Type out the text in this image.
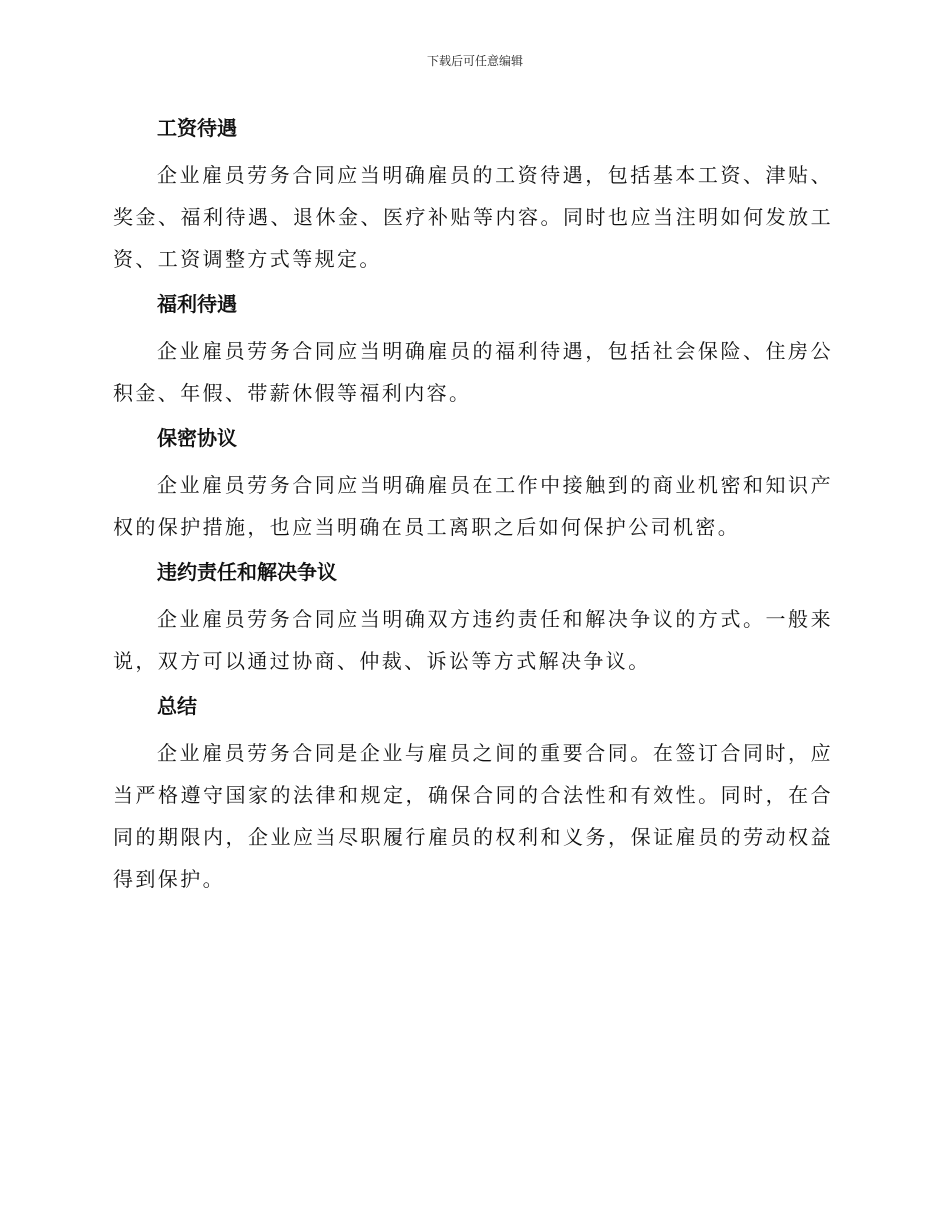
下载后可任意编辑
工资待遇

企业雇员劳务合同应当明确雇员的工资待遇，包括基本工资、津贴、奖金、福利待遇、退休金、医疗补贴等内容。同时也应当注明如何发放工资、工资调整方式等规定。

福利待遇

企业雇员劳务合同应当明确雇员的福利待遇，包括社会保险、住房公积金、年假、带薪休假等福利内容。

保密协议

企业雇员劳务合同应当明确雇员在工作中接触到的商业机密和知识产权的保护措施，也应当明确在员工离职之后如何保护公司机密。

违约责任和解决争议

企业雇员劳务合同应当明确双方违约责任和解决争议的方式。一般来说，双方可以通过协商、仲裁、诉讼等方式解决争议。

总结

企业雇员劳务合同是企业与雇员之间的重要合同。在签订合同时，应当严格遵守国家的法律和规定，确保合同的合法性和有效性。同时，在合同的期限内，企业应当尽职履行雇员的权利和义务，保证雇员的劳动权益得到保护。
